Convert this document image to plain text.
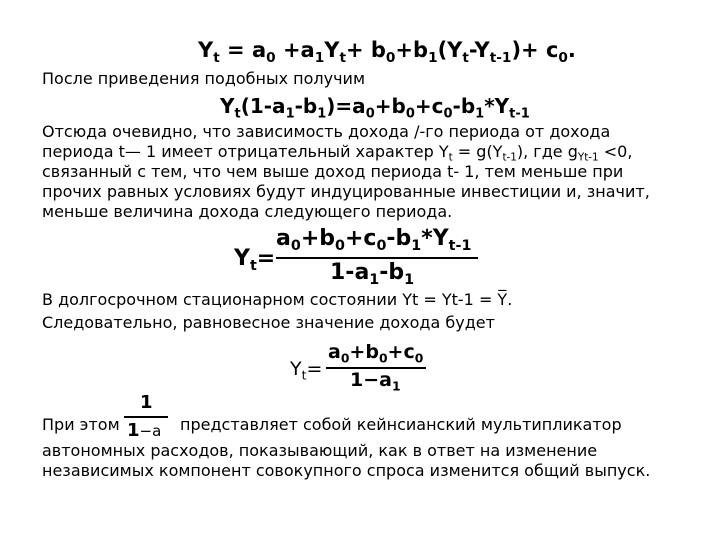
$Y_t = a_0 +a_1Y_t+ b_0+b_1(Y_t-Y_{t-1})+ c_0$.
После приведения подобных получим
$Y_t(1-a_1-b_1)=a_0+b_0+c_0-b_1*Y_{t-1}$
Отсюда очевидно, что зависимость дохода /-го периода от дохода
периода t— 1 имеет отрицательный характер $Y_t = g(Y_{t-1})$, где $g_{Yt-1} <0$,
связанный с тем, что чем выше доход периода t- 1, тем меньше при
прочих равных условиях будут индуцированные инвестиции и, значит,
меньше величина дохода следующего периода.
$Y_t=$
$a_0+b_0+c_0-b_1*Y_{t-1}$
$1-a_1-b_1$
В долгосрочном стационарном состоянии Yt = Yt-1 = Y̅.
Следовательно, равновесное значение дохода будет
$Y_t=$
$a_0+b_0+c_0$
$1-a_1$
При этом
1
1−a представляет собой кейнсианский мультипликатор
автономных расходов, показывающий, как в ответ на изменение
независимых компонент совокупного спроса изменится общий выпуск.
